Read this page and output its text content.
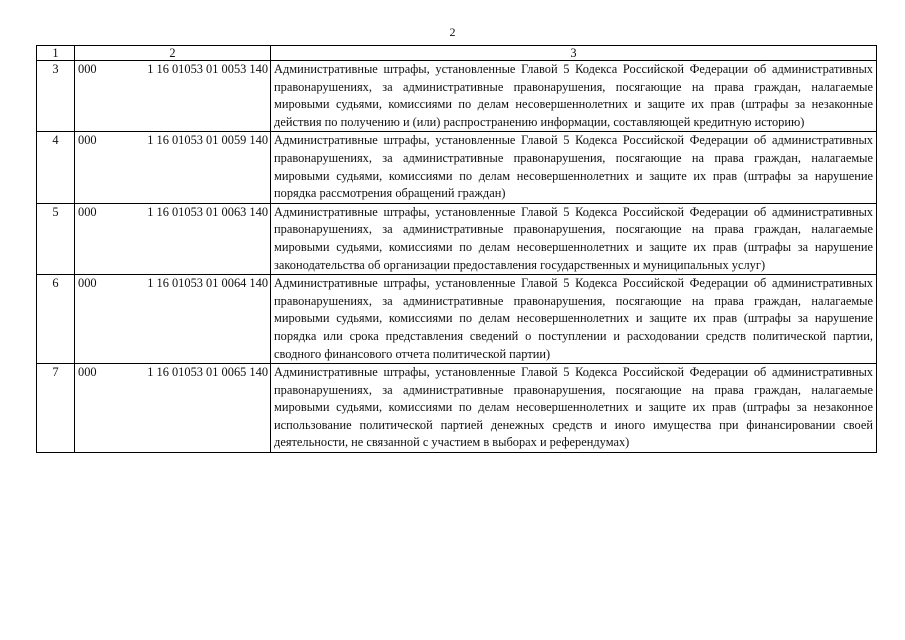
2
1	2		3
3	000	1 16 01053 01 0053 140	Административные штрафы, установленные Главой 5 Кодекса Российской Федерации об административных правонарушениях, за административные правонарушения, посягающие на права граждан, налагаемые мировыми судьями, комиссиями по делам несовершеннолетних и защите их прав (штрафы за незаконные действия по получению и (или) распространению информации, составляющей кредитную историю)
4	000	1 16 01053 01 0059 140	Административные штрафы, установленные Главой 5 Кодекса Российской Федерации об административных правонарушениях, за административные правонарушения, посягающие на права граждан, налагаемые мировыми судьями, комиссиями по делам несовершеннолетних и защите их прав (штрафы за нарушение порядка рассмотрения обращений граждан)
5	000	1 16 01053 01 0063 140	Административные штрафы, установленные Главой 5 Кодекса Российской Федерации об административных правонарушениях, за административные правонарушения, посягающие на права граждан, налагаемые мировыми судьями, комиссиями по делам несовершеннолетних и защите их прав (штрафы за нарушение законодательства об организации предоставления государственных и муниципальных услуг)
6	000	1 16 01053 01 0064 140	Административные штрафы, установленные Главой 5 Кодекса Российской Федерации об административных правонарушениях, за административные правонарушения, посягающие на права граждан, налагаемые мировыми судьями, комиссиями по делам несовершеннолетних и защите их прав (штрафы за нарушение порядка или срока представления сведений о поступлении и расходовании средств политической партии, сводного финансового отчета политической партии)
7	000	1 16 01053 01 0065 140	Административные штрафы, установленные Главой 5 Кодекса Российской Федерации об административных правонарушениях, за административные правонарушения, посягающие на права граждан, налагаемые мировыми судьями, комиссиями по делам несовершеннолетних и защите их прав (штрафы за незаконное использование политической партией денежных средств и иного имущества при финансировании своей деятельности, не связанной с участием в выборах и референдумах)
